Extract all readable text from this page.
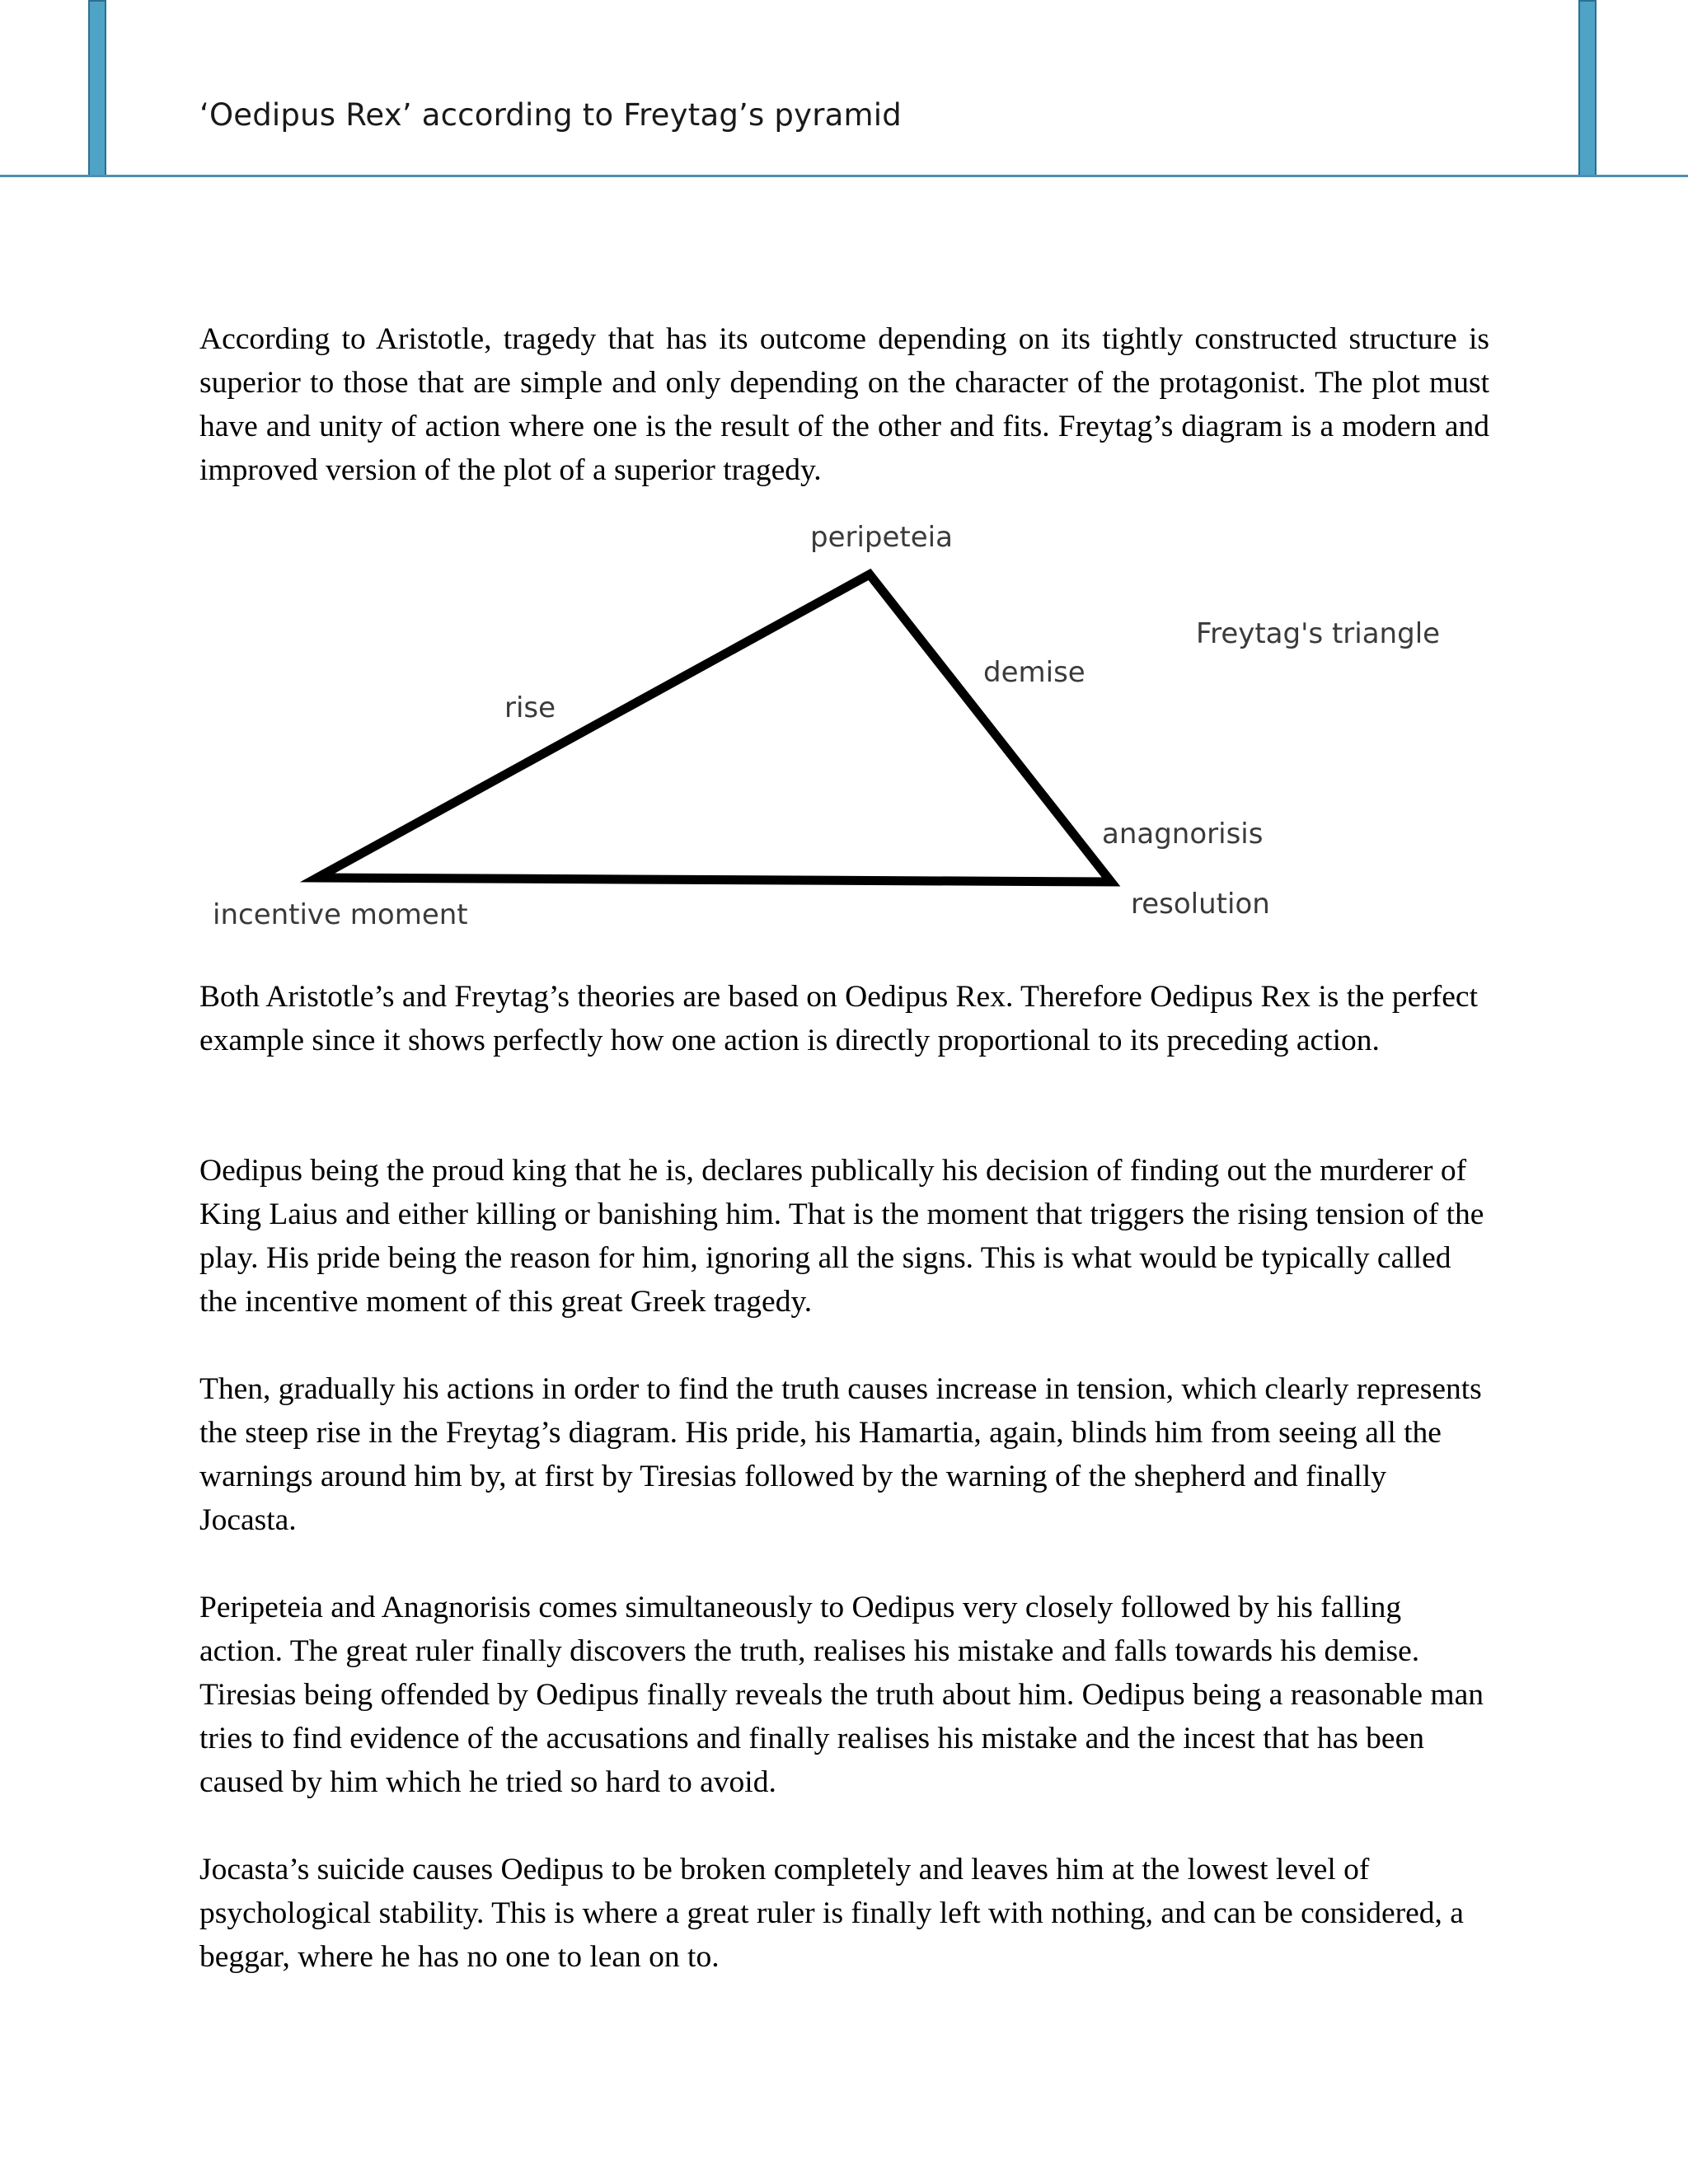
‘Oedipus Rex’ according to Freytag’s pyramid

According to Aristotle, tragedy that has its outcome depending on its tightly constructed structure is superior to those that are simple and only depending on the character of the protagonist. The plot must have and unity of action where one is the result of the other and fits. Freytag’s diagram is a modern and improved version of the plot of a superior tragedy.

peripeteia
Freytag's triangle
demise
rise
anagnorisis
incentive moment	resolution

Both Aristotle’s and Freytag’s theories are based on Oedipus Rex. Therefore Oedipus Rex is the perfect example since it shows perfectly how one action is directly proportional to its preceding action.

Oedipus being the proud king that he is, declares publically his decision of finding out the murderer of King Laius and either killing or banishing him. That is the moment that triggers the rising tension of the play. His pride being the reason for him, ignoring all the signs. This is what would be typically called the incentive moment of this great Greek tragedy.

Then, gradually his actions in order to find the truth causes increase in tension, which clearly represents the steep rise in the Freytag’s diagram. His pride, his Hamartia, again, blinds him from seeing all the warnings around him by, at first by Tiresias followed by the warning of the shepherd and finally Jocasta.

Peripeteia and Anagnorisis comes simultaneously to Oedipus very closely followed by his falling action. The great ruler finally discovers the truth, realises his mistake and falls towards his demise. Tiresias being offended by Oedipus finally reveals the truth about him. Oedipus being a reasonable man tries to find evidence of the accusations and finally realises his mistake and the incest that has been caused by him which he tried so hard to avoid.

Jocasta’s suicide causes Oedipus to be broken completely and leaves him at the lowest level of psychological stability. This is where a great ruler is finally left with nothing, and can be considered, a beggar, where he has no one to lean on to.
